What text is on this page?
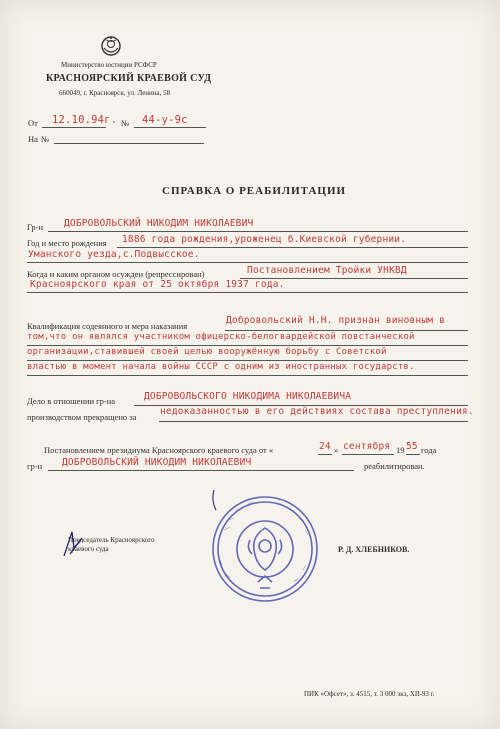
Министерство юстиции РСФСР
КРАСНОЯРСКИЙ КРАЕВОЙ СУД
660049, г. Красноярск, ул. Ленина, 58
От 12.10.94г. № 44-у-9с
На №
СПРАВКА О РЕАБИЛИТАЦИИ
Гр-н ДОБРОВОЛЬСКИЙ НИКОДИМ НИКОЛАЕВИЧ
Год и место рождения 1886 года рождения,уроженец б.Киевской губернии.
Уманского уезда,с.Подвысское.
Когда и каким органом осужден (репрессирован)	Постановлением Тройки УНКВД
Красноярского края от 25 октября 1937 года.
Квалификация содеянного и мера наказания	Добровольский Н.Н. признан виновным в
том,что он являлся участником офицерско-белогвардейской повстанческой
организации,ставившей своей целью вооружённую борьбу с Советской
властью в момент начала войны СССР с одним из иностранных государств.
Дело в отношении гр-на	ДОБРОВОЛЬСКОГО НИКОДИМА НИКОЛАЕВИЧА
производством прекращено за недоказанностью в его действиях состава преступления.
Постановлением президиума Красноярского краевого суда от «	24 » сентября 19 55 года
гр-н ДОБРОВОЛЬСКИЙ НИКОДИМ НИКОЛАЕВИЧ	реабилитирован.
Председатель Красноярского
краевого суда	Р. Д. ХЛЕБНИКОВ.
ПИК «Офсет», з. 4515, т. 3 000 экз, XII-93 г.
